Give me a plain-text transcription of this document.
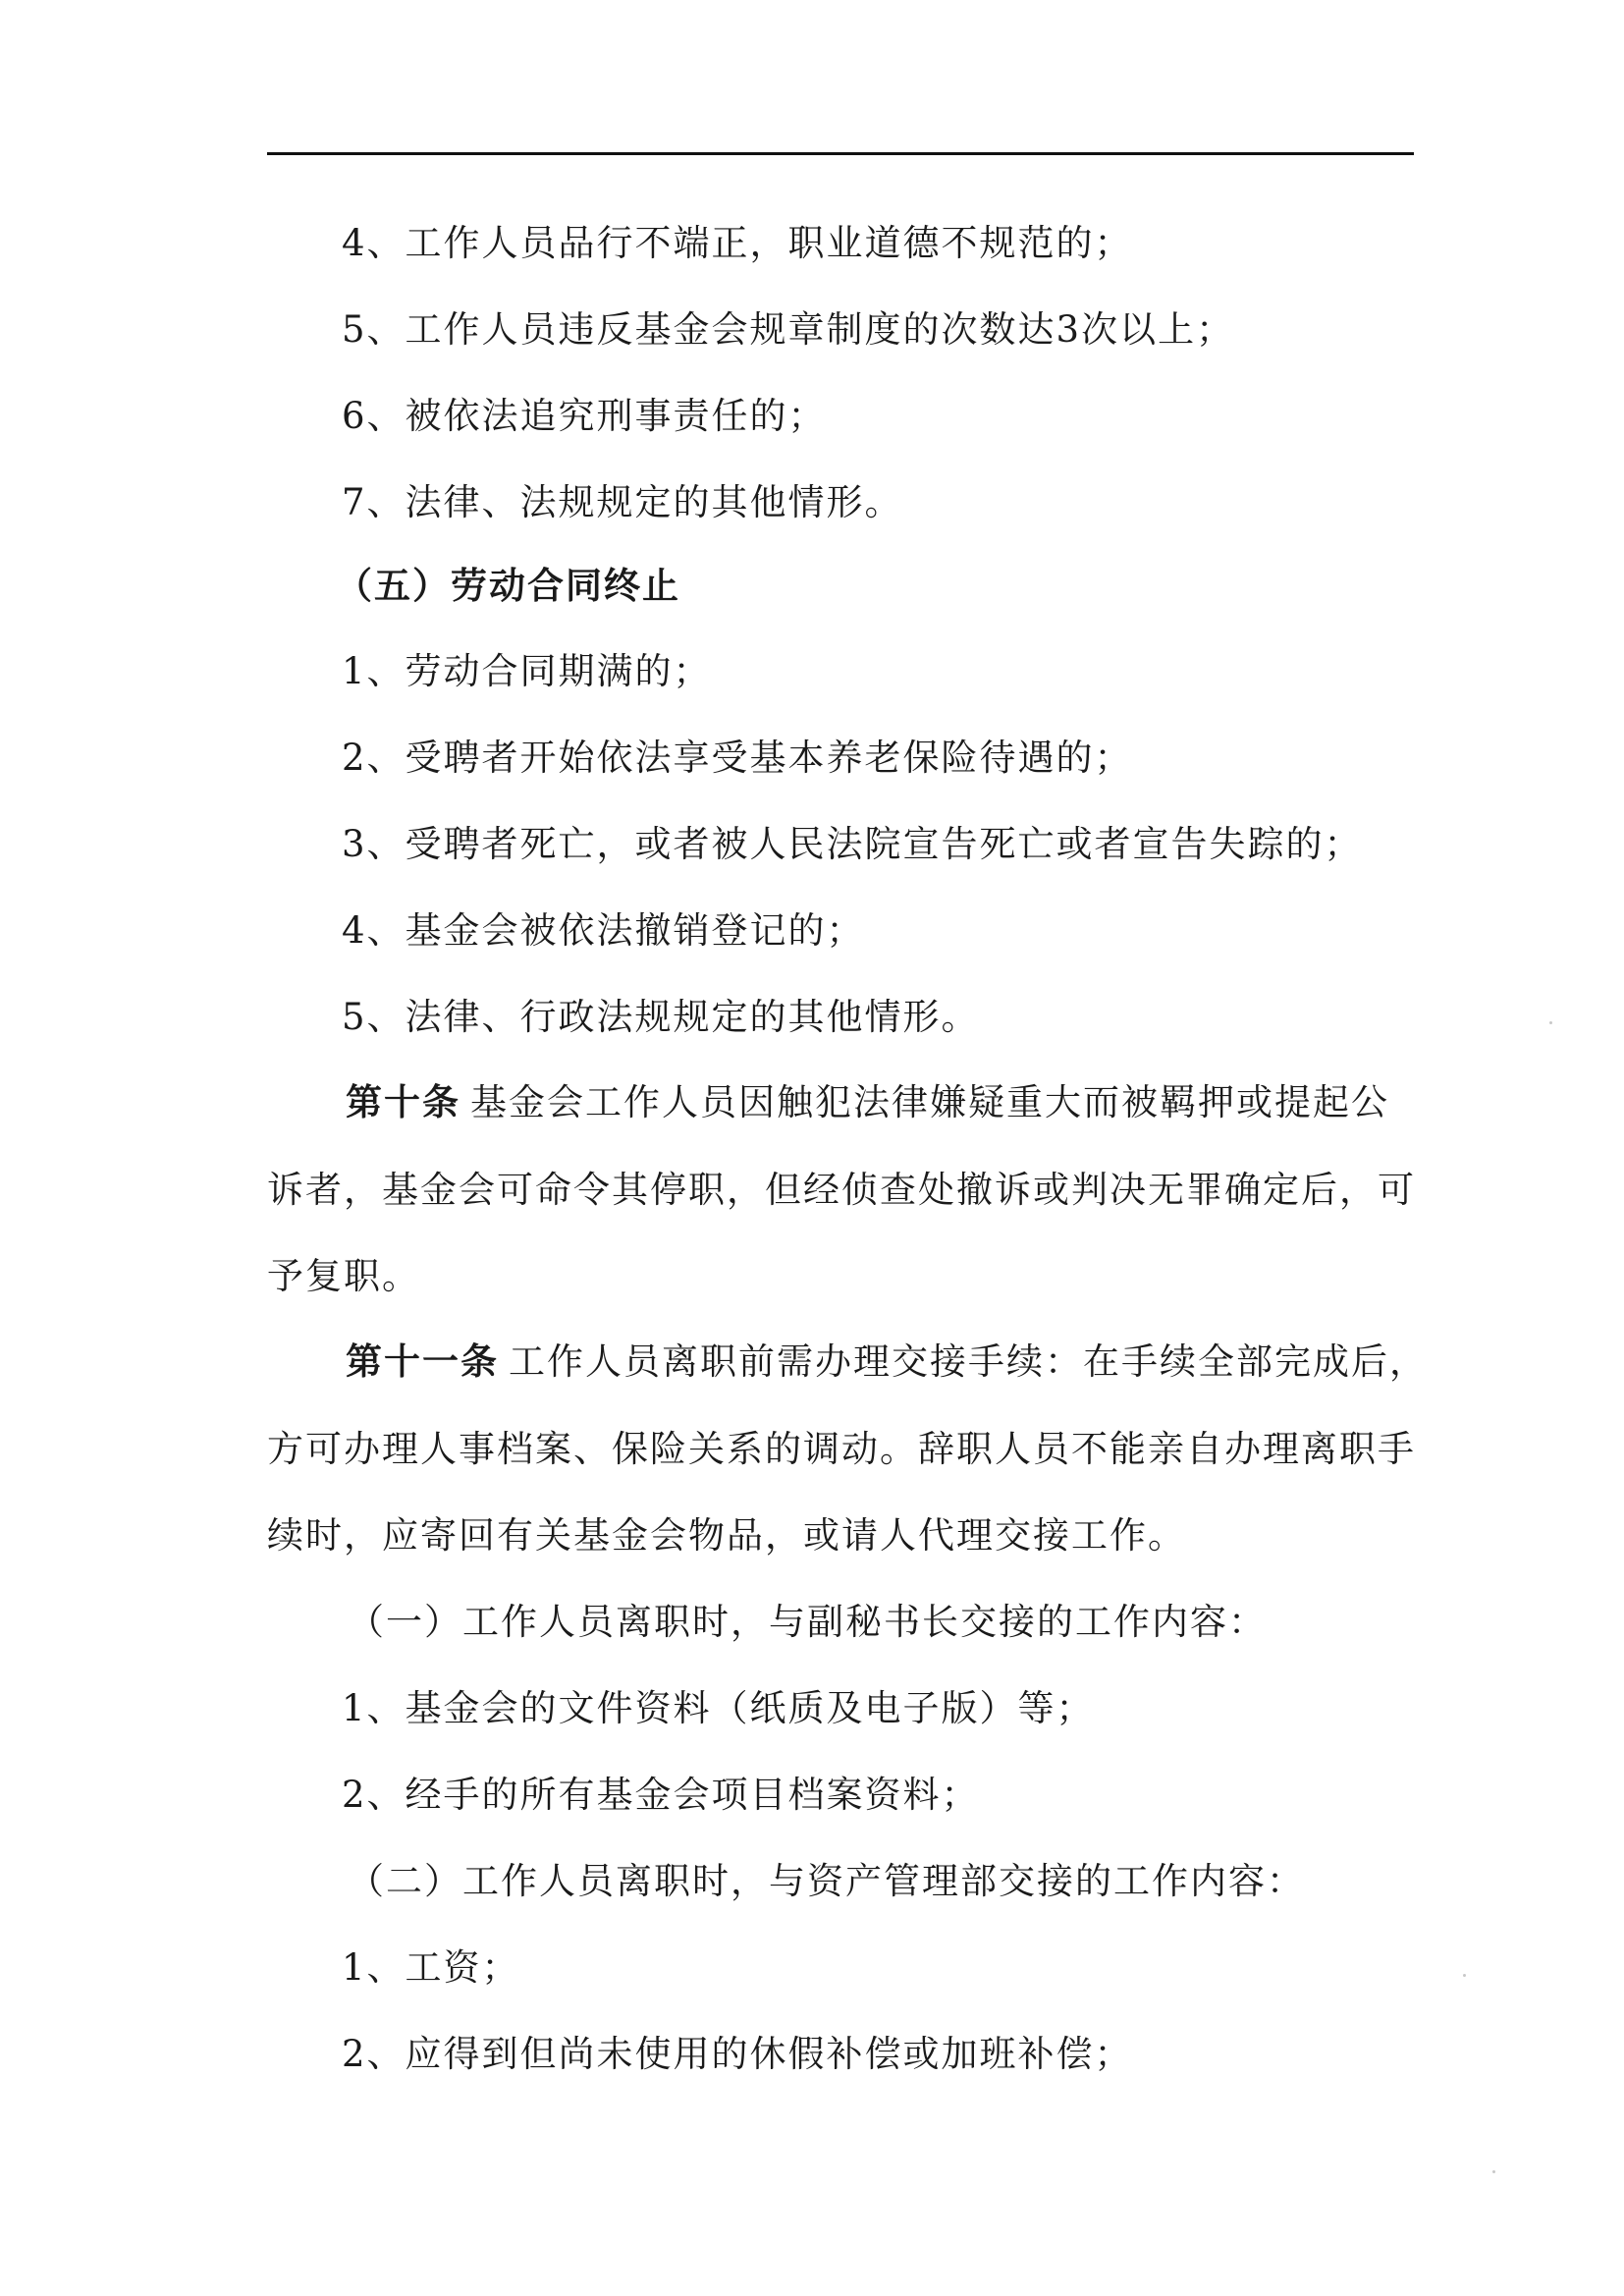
4、工作人员品行不端正，职业道德不规范的；
5、工作人员违反基金会规章制度的次数达3次以上；
6、被依法追究刑事责任的；
7、法律、法规规定的其他情形。
（五）劳动合同终止
1、劳动合同期满的；
2、受聘者开始依法享受基本养老保险待遇的；
3、受聘者死亡，或者被人民法院宣告死亡或者宣告失踪的；
4、基金会被依法撤销登记的；
5、法律、行政法规规定的其他情形。
第十条 基金会工作人员因触犯法律嫌疑重大而被羁押或提起公
诉者，基金会可命令其停职，但经侦查处撤诉或判决无罪确定后，可
予复职。
第十一条 工作人员离职前需办理交接手续：在手续全部完成后，
方可办理人事档案、保险关系的调动。辞职人员不能亲自办理离职手
续时，应寄回有关基金会物品，或请人代理交接工作。
（一）工作人员离职时，与副秘书长交接的工作内容：
1、基金会的文件资料（纸质及电子版）等；
2、经手的所有基金会项目档案资料；
（二）工作人员离职时，与资产管理部交接的工作内容：
1、工资；
2、应得到但尚未使用的休假补偿或加班补偿；
